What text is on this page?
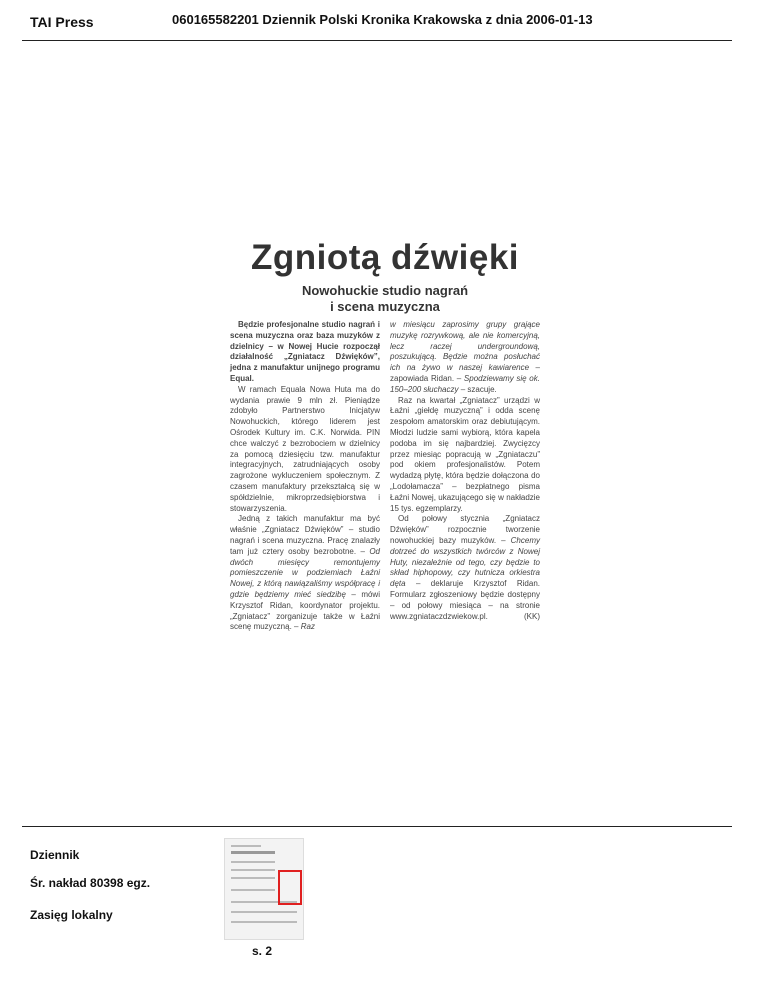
TAI Press	060165582201 Dziennik Polski Kronika Krakowska z dnia 2006-01-13
Zgniotą dźwięki
Nowohuckie studio nagrań
i scena muzyczna

Będzie profesjonalne studio nagrań i scena muzyczna oraz baza muzyków z dzielnicy – w Nowej Hucie rozpoczął działalność „Zgniatacz Dźwięków”, jedna z manufaktur unijnego programu Equal.

W ramach Equala Nowa Huta ma do wydania prawie 9 mln zł. Pieniądze zdobyło Partnerstwo Inicjatyw Nowohuckich, którego liderem jest Ośrodek Kultury im. C.K. Norwida. PIN chce walczyć z bezrobociem w dzielnicy za pomocą dziesięciu tzw. manufaktur integracyjnych, zatrudniających osoby zagrożone wykluczeniem społecznym. Z czasem manufaktury przekształcą się w spółdzielnie, mikroprzedsiębiorstwa i stowarzyszenia.

Jedną z takich manufaktur ma być właśnie „Zgniatacz Dźwięków” – studio nagrań i scena muzyczna. Pracę znalazły tam już cztery osoby bezrobotne. – Od dwóch miesięcy remontujemy pomieszczenie w podziemiach Łaźni Nowej, z którą nawiązaliśmy współpracę i gdzie będziemy mieć siedzibę – mówi Krzysztof Ridan, koordynator projektu. „Zgniatacz” zorganizuje także w Łaźni scenę muzyczną. – Raz

w miesiącu zaprosimy grupy grające muzykę rozrywkową, ale nie komercyjną, lecz raczej undergroundową, poszukującą. Będzie można posłuchać ich na żywo w naszej kawiarence – zapowiada Ridan. – Spodziewamy się ok. 150–200 słuchaczy – szacuje.

Raz na kwartał „Zgniatacz” urządzi w Łaźni „giełdę muzyczną” i odda scenę zespołom amatorskim oraz debiutującym. Młodzi ludzie sami wybiorą, która kapela podoba im się najbardziej. Zwycięzcy przez miesiąc popracują w „Zgniataczu” pod okiem profesjonalistów. Potem wydadzą płytę, która będzie dołączona do „Lodołamacza” – bezpłatnego pisma Łaźni Nowej, ukazującego się w nakładzie 15 tys. egzemplarzy.

Od połowy stycznia „Zgniatacz Dźwięków” rozpocznie tworzenie nowohuckiej bazy muzyków. – Chcemy dotrzeć do wszystkich twórców z Nowej Huty, niezależnie od tego, czy będzie to skład hiphopowy, czy hutnicza orkiestra dęta – deklaruje Krzysztof Ridan. Formularz zgłoszeniowy będzie dostępny – od połowy miesiąca – na stronie www.zgniataczdzwiekow.pl.	(KK)

Dziennik
Śr. nakład 80398 egz.
Zasięg lokalny
s. 2
